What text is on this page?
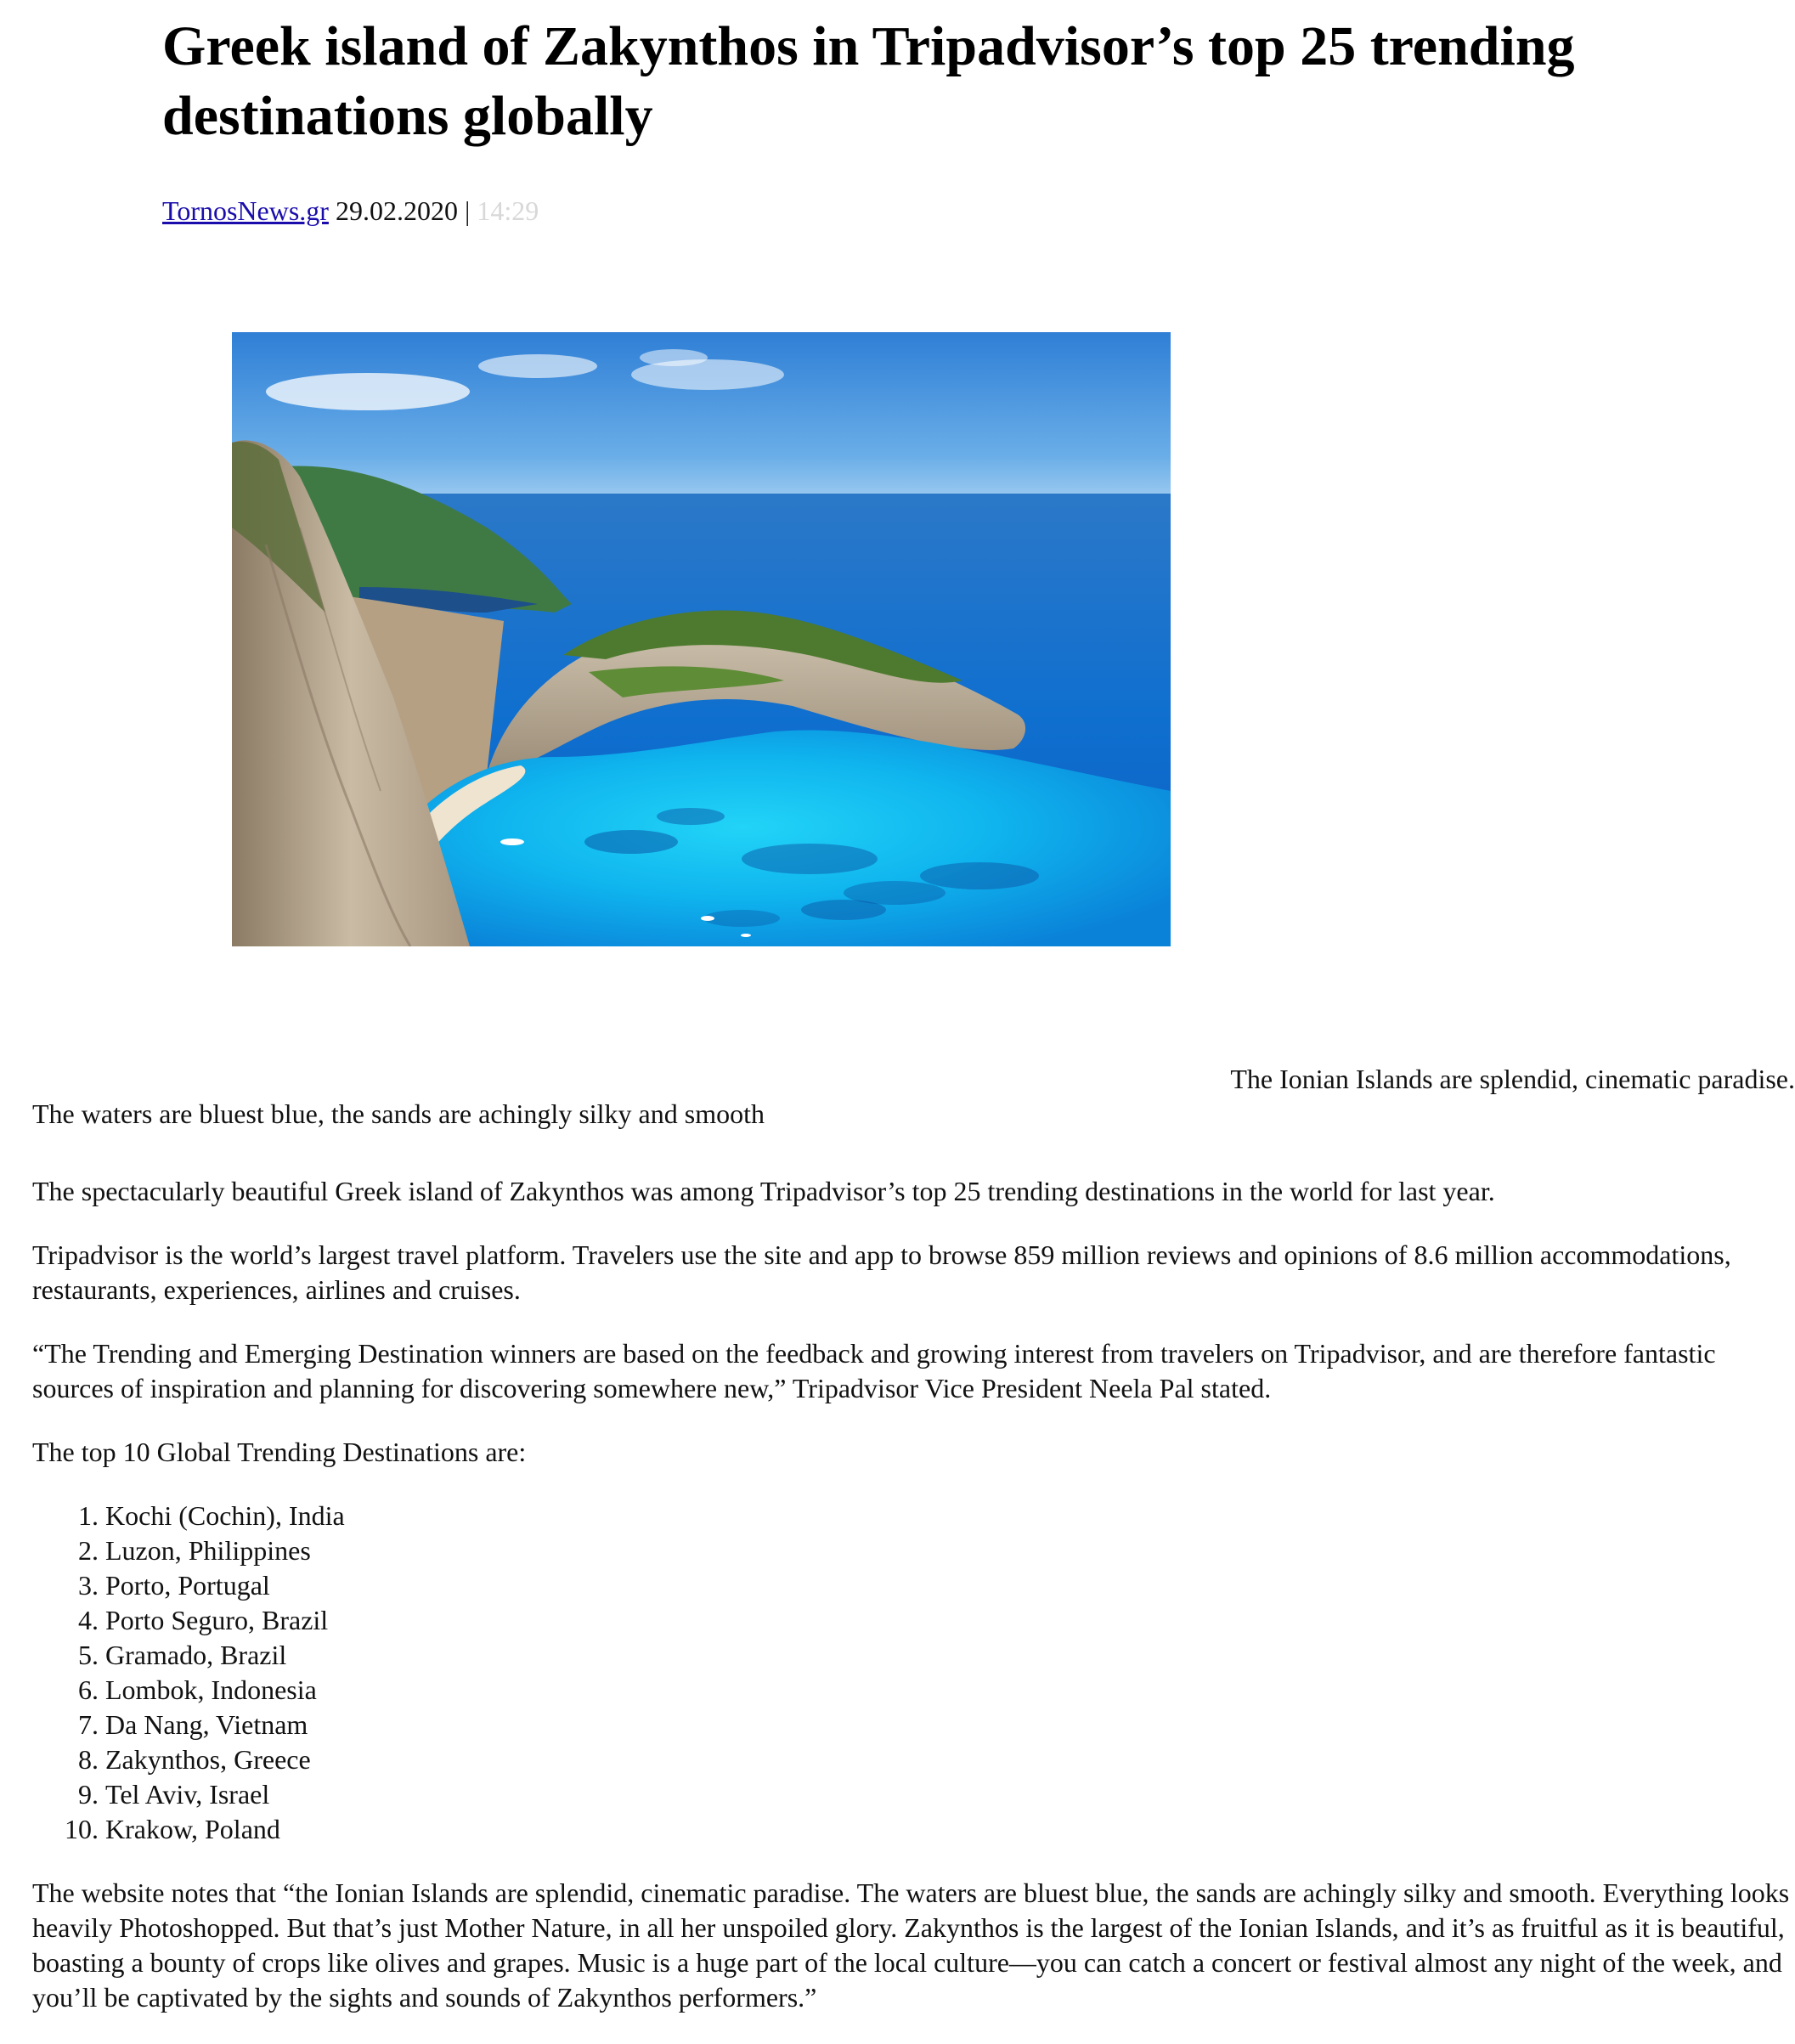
Greek island of Zakynthos in Tripadvisor’s top 25 trending destinations globally
TornosNews.gr 29.02.2020 | 14:29
The Ionian Islands are splendid, cinematic paradise.
The waters are bluest blue, the sands are achingly silky and smooth

The spectacularly beautiful Greek island of Zakynthos was among Tripadvisor’s top 25 trending destinations in the world for last year.

Tripadvisor is the world’s largest travel platform. Travelers use the site and app to browse 859 million reviews and opinions of 8.6 million accommodations, restaurants, experiences, airlines and cruises.

“The Trending and Emerging Destination winners are based on the feedback and growing interest from travelers on Tripadvisor, and are therefore fantastic sources of inspiration and planning for discovering somewhere new,” Tripadvisor Vice President Neela Pal stated.

The top 10 Global Trending Destinations are:

1. Kochi (Cochin), India
2. Luzon, Philippines
3. Porto, Portugal
4. Porto Seguro, Brazil
5. Gramado, Brazil
6. Lombok, Indonesia
7. Da Nang, Vietnam
8. Zakynthos, Greece
9. Tel Aviv, Israel
10. Krakow, Poland

The website notes that “the Ionian Islands are splendid, cinematic paradise. The waters are bluest blue, the sands are achingly silky and smooth. Everything looks heavily Photoshopped. But that’s just Mother Nature, in all her unspoiled glory. Zakynthos is the largest of the Ionian Islands, and it’s as fruitful as it is beautiful, boasting a bounty of crops like olives and grapes. Music is a huge part of the local culture—you can catch a concert or festival almost any night of the week, and you’ll be captivated by the sights and sounds of Zakynthos performers.”
